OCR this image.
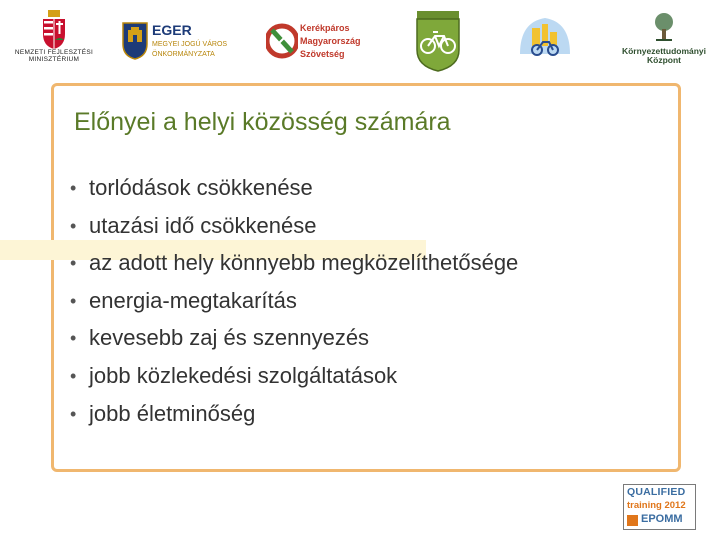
NEMZETI FEJLESZTÉSI
MINISZTÉRIUM
EGER
MEGYEI JOGÚ VÁROS
ÖNKORMÁNYZATA
Kerékpáros
Magyarország
Szövetség	Környezettudományi
Központ
Előnyei a helyi közösség számára
• torlódások csökkenése
• utazási idő csökkenése
• az adott hely könnyebb megközelíthetősége
• energia-megtakarítás
• kevesebb zaj és szennyezés
• jobb közlekedési szolgáltatások
• jobb életminőség
QUALIFIED
training 2012
EPOMM
